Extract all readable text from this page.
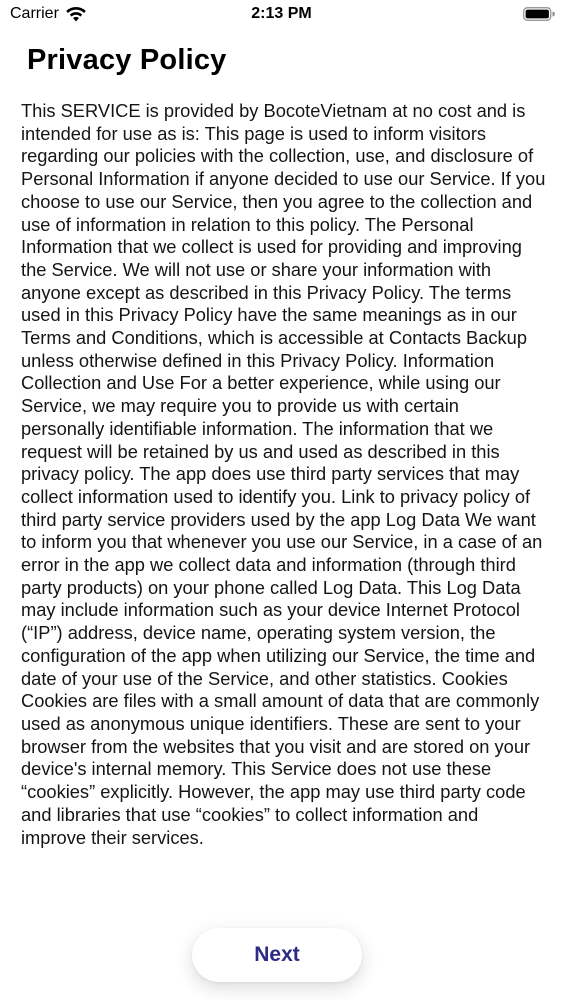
Carrier	2:13 PM
Privacy Policy

This SERVICE is provided by BocoteVietnam at no cost and is intended for use as is: This page is used to inform visitors regarding our policies with the collection, use, and disclosure of Personal Information if anyone decided to use our Service. If you choose to use our Service, then you agree to the collection and use of information in relation to this policy. The Personal Information that we collect is used for providing and improving the Service. We will not use or share your information with anyone except as described in this Privacy Policy. The terms used in this Privacy Policy have the same meanings as in our Terms and Conditions, which is accessible at Contacts Backup unless otherwise defined in this Privacy Policy. Information Collection and Use For a better experience, while using our Service, we may require you to provide us with certain personally identifiable information. The information that we request will be retained by us and used as described in this privacy policy. The app does use third party services that may collect information used to identify you. Link to privacy policy of third party service providers used by the app Log Data We want to inform you that whenever you use our Service, in a case of an error in the app we collect data and information (through third party products) on your phone called Log Data. This Log Data may include information such as your device Internet Protocol (“IP”) address, device name, operating system version, the configuration of the app when utilizing our Service, the time and date of your use of the Service, and other statistics. Cookies Cookies are files with a small amount of data that are commonly used as anonymous unique identifiers. These are sent to your browser from the websites that you visit and are stored on your device's internal memory. This Service does not use these “cookies” explicitly. However, the app may use third party code and libraries that use “cookies” to collect information and improve their services.

Next
